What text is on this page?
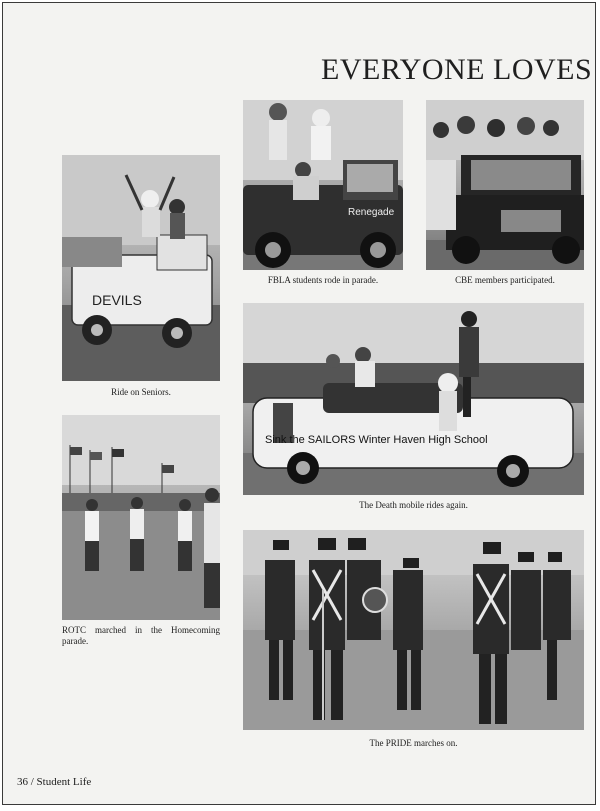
EVERYONE LOVES
DEVILS
Ride on Seniors.
Renegade
FBLA students rode in parade.	CBE members participated.
Sink the SAILORS Winter Haven High School
The Death mobile rides again.
ROTC marched in the Homecoming parade.
The PRIDE marches on.
36 / Student Life
